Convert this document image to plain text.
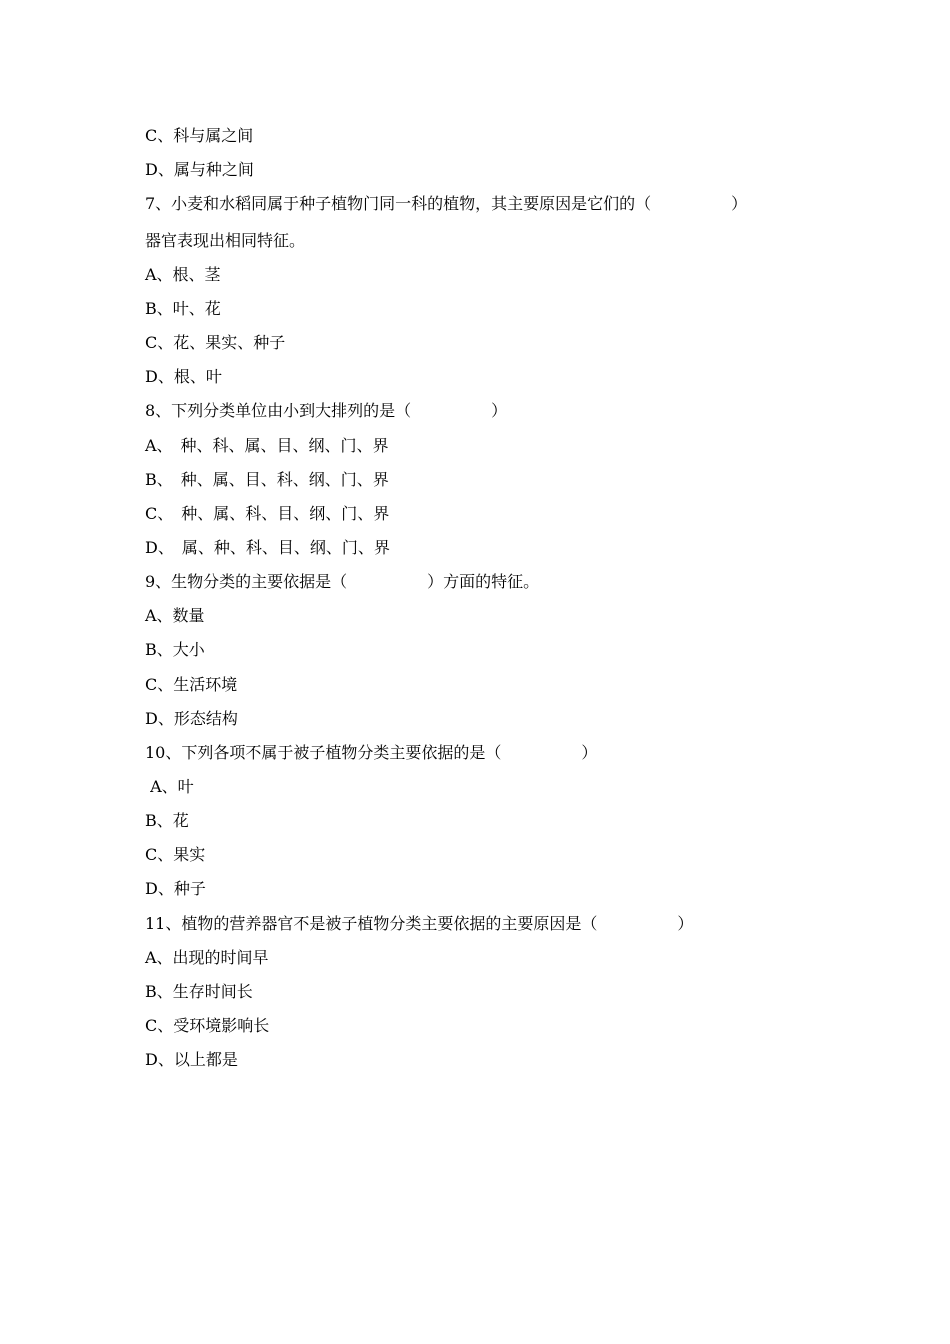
C、科与属之间
D、属与种之间
7、小麦和水稻同属于种子植物门同一科的植物，其主要原因是它们的（　　　　　）
器官表现出相同特征。
A、根、茎
B、叶、花
C、花、果实、种子
D、根、叶
8、下列分类单位由小到大排列的是（　　　　　）
A、　种、科、属、目、纲、门、界
B、　种、属、目、科、纲、门、界
C、　种、属、科、目、纲、门、界
D、　属、种、科、目、纲、门、界
9、生物分类的主要依据是（　　　　　）方面的特征。
A、数量
B、大小
C、生活环境
D、形态结构
10、下列各项不属于被子植物分类主要依据的是（　　　　　）
A、叶
B、花
C、果实
D、种子
11、植物的营养器官不是被子植物分类主要依据的主要原因是（　　　　　）
A、出现的时间早
B、生存时间长
C、受环境影响长
D、以上都是
